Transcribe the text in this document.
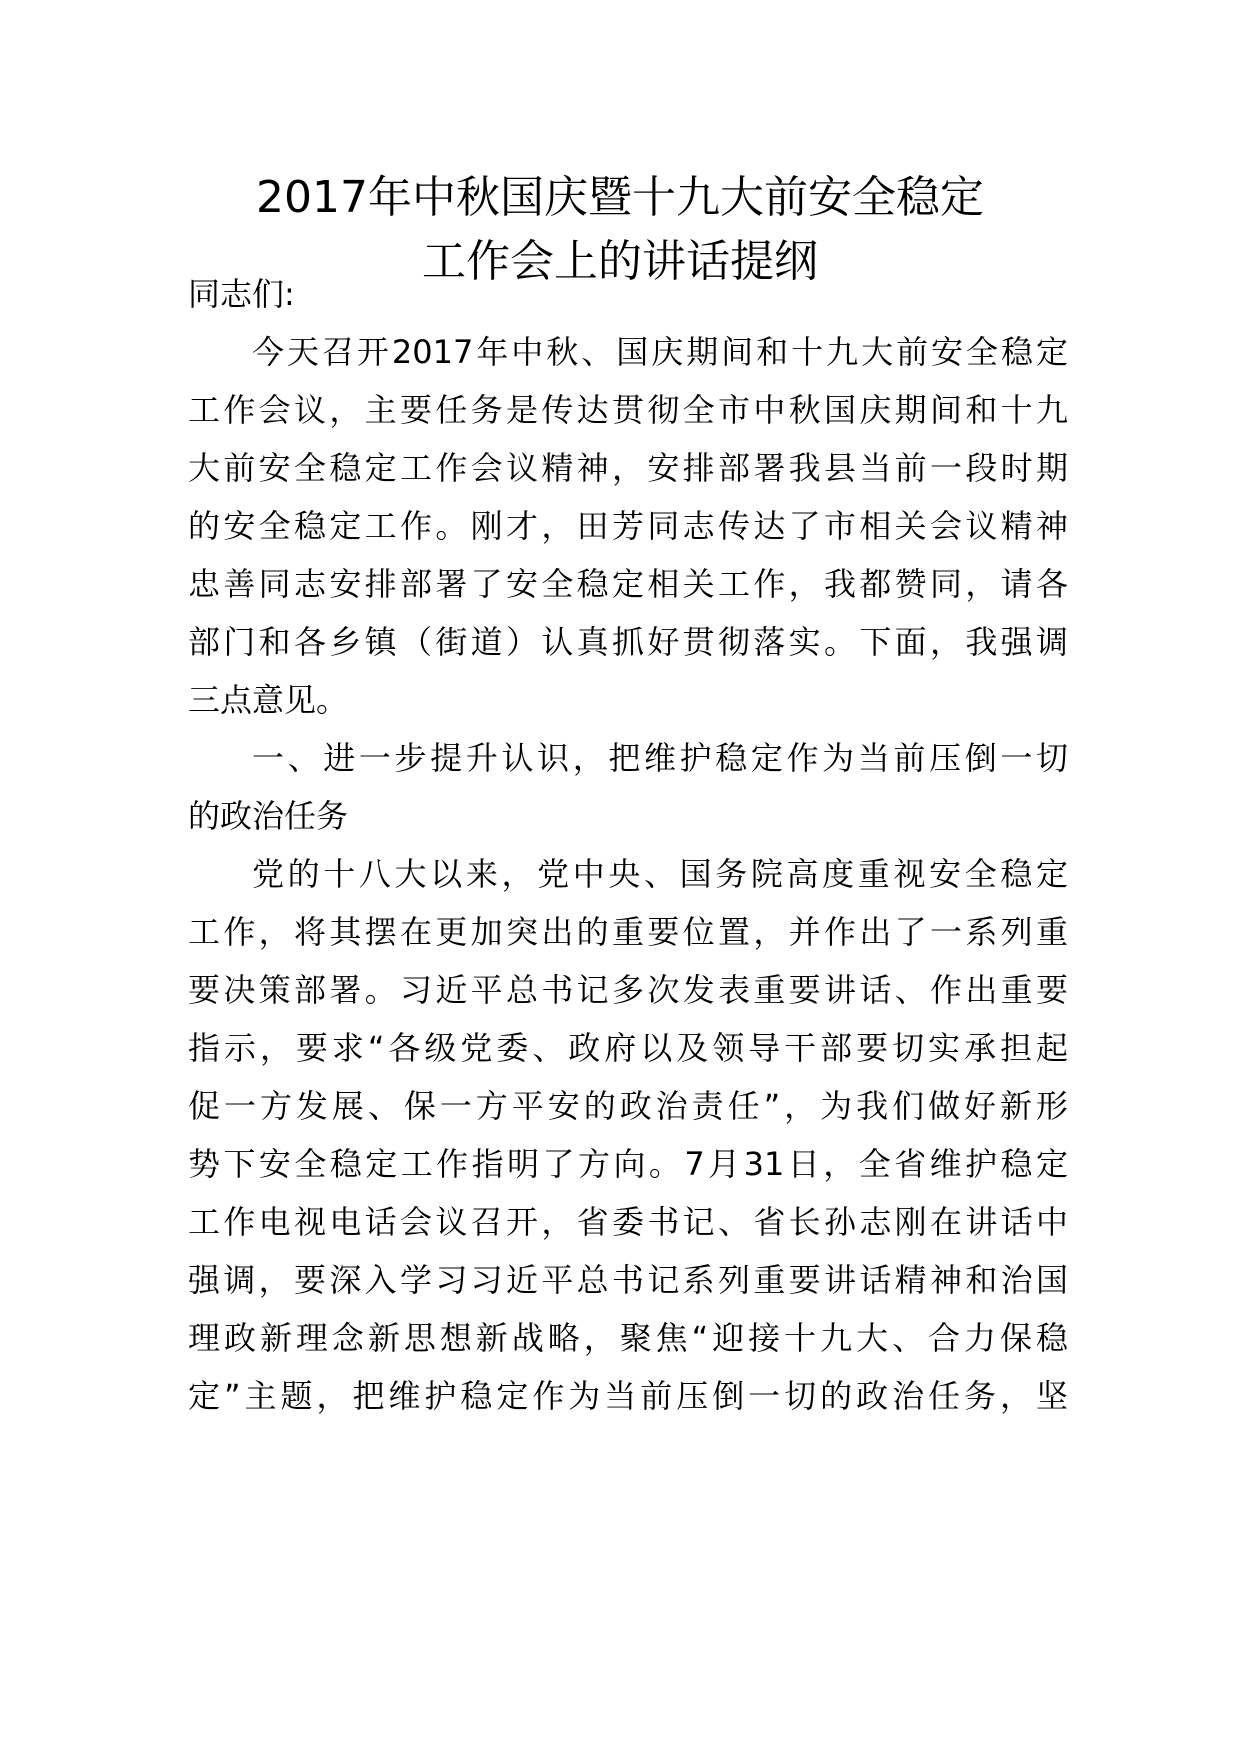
2017年中秋国庆暨十九大前安全稳定
工作会上的讲话提纲

同志们:

今天召开2017年中秋、国庆期间和十九大前安全稳定

工作会议，主要任务是传达贯彻全市中秋国庆期间和十九

大前安全稳定工作会议精神，安排部署我县当前一段时期

的安全稳定工作。刚才，田芳同志传达了市相关会议精神

忠善同志安排部署了安全稳定相关工作，我都赞同，请各

部门和各乡镇（街道）认真抓好贯彻落实。下面，我强调

三点意见。

一、进一步提升认识，把维护稳定作为当前压倒一切

的政治任务

党的十八大以来，党中央、国务院高度重视安全稳定

工作，将其摆在更加突出的重要位置，并作出了一系列重

要决策部署。习近平总书记多次发表重要讲话、作出重要

指示，要求“各级党委、政府以及领导干部要切实承担起

促一方发展、保一方平安的政治责任”，为我们做好新形

势下安全稳定工作指明了方向。7月31日，全省维护稳定

工作电视电话会议召开，省委书记、省长孙志刚在讲话中

强调，要深入学习习近平总书记系列重要讲话精神和治国

理政新理念新思想新战略，聚焦“迎接十九大、合力保稳

定”主题，把维护稳定作为当前压倒一切的政治任务，坚
